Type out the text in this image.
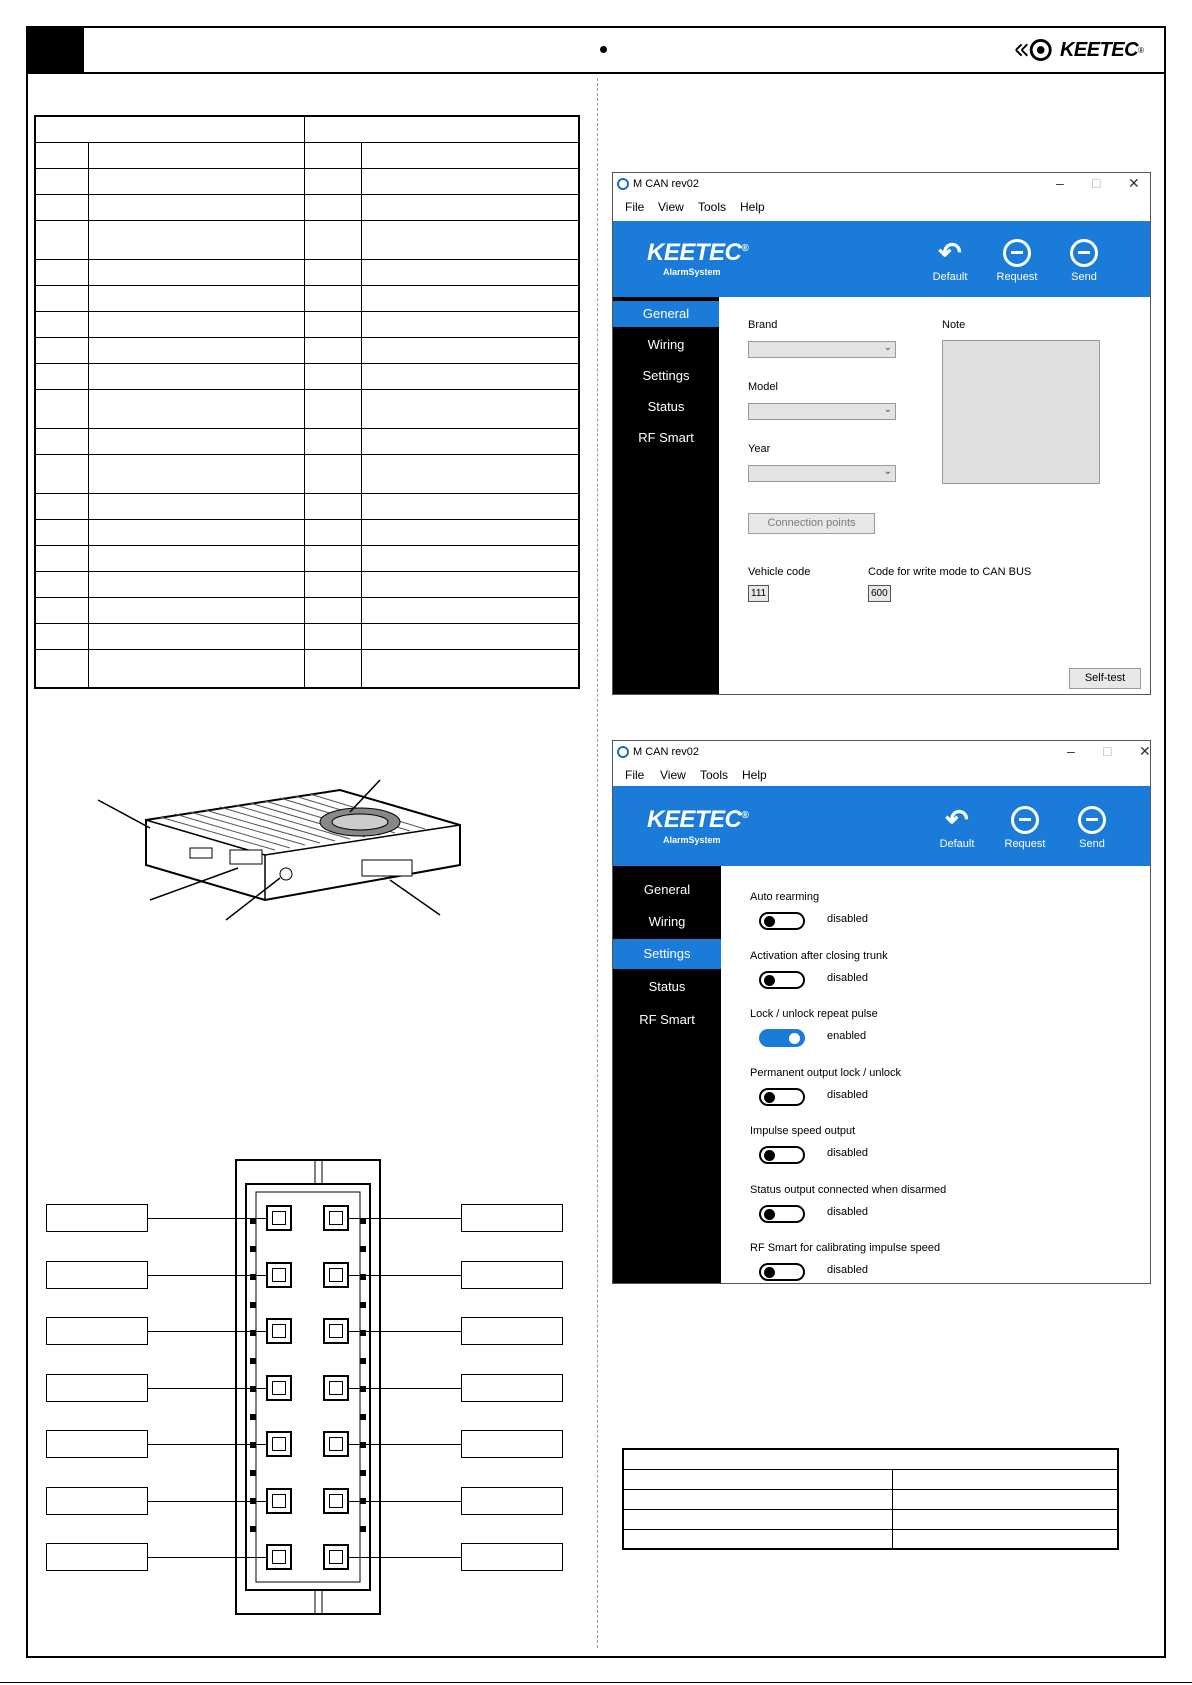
KEETEC ®

M CAN rev02	– □ ✕
File View Tools Help
KEETEC®
AlarmSystem
↶
Default	Request	Send
General
Wiring
Settings
Status
RF Smart
Brand
⌄
Model
⌄
Year
⌄
Note
Connection points
Vehicle code
111
Code for write mode to CAN BUS
600
Self-test
M CAN rev02	– □ ✕
File View Tools Help
KEETEC®
AlarmSystem
↶
Default	Request	Send
General
Wiring
Settings
Status
RF Smart
Auto rearming
disabled
Activation after closing trunk
disabled
Lock / unlock repeat pulse
enabled
Permanent output lock / unlock
disabled
Impulse speed output
disabled
Status output connected when disarmed
disabled
RF Smart for calibrating impulse speed
disabled
